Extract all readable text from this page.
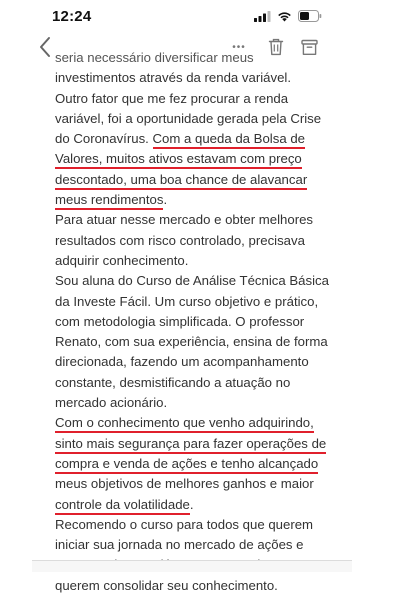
12:24
•••
seria necessário diversificar meus
investimentos através da renda variável.
Outro fator que me fez procurar a renda
variável, foi a oportunidade gerada pela Crise
do Coronavírus. Com a queda da Bolsa de
Valores, muitos ativos estavam com preço
descontado, uma boa chance de alavancar
meus rendimentos.
Para atuar nesse mercado e obter melhores
resultados com risco controlado, precisava
adquirir conhecimento.
Sou aluna do Curso de Análise Técnica Básica
da Investe Fácil. Um curso objetivo e prático,
com metodologia simplificada. O professor
Renato, com sua experiência, ensina de forma
direcionada, fazendo um acompanhamento
constante, desmistificando a atuação no
mercado acionário.
Com o conhecimento que venho adquirindo,
sinto mais segurança para fazer operações de
compra e venda de ações e tenho alcançado
meus objetivos de melhores ganhos e maior
controle da volatilidade.
Recomendo o curso para todos que querem
iniciar sua jornada no mercado de ações e
querem consolidar seu conhecimento.
